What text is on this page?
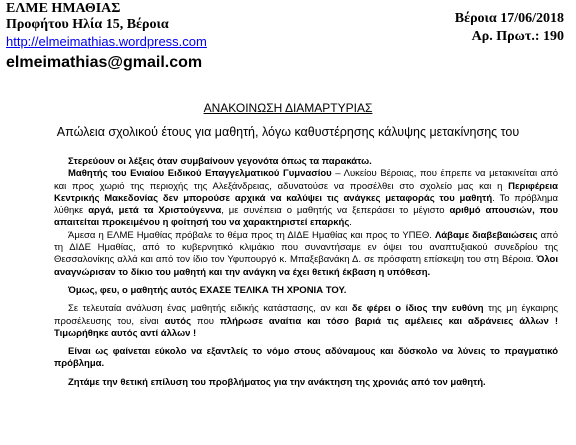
ΕΛΜΕ ΗΜΑΘΙΑΣ
Προφήτου Ηλία 15, Βέροια
http://elmeimathias.wordpress.com
elmeimathias@gmail.com
Βέροια 17/06/2018
Αρ. Πρωτ.: 190
ΑΝΑΚΟΙΝΩΣΗ ΔΙΑΜΑΡΤΥΡΙΑΣ
Απώλεια σχολικού έτους για μαθητή, λόγω καθυστέρησης κάλυψης μετακίνησης του

Στερεύουν οι λέξεις όταν συμβαίνουν γεγονότα όπως τα παρακάτω.

Μαθητής του Ενιαίου Ειδικού Επαγγελματικού Γυμνασίου – Λυκείου Βέροιας, που έπρεπε να μετακινείται από και προς χωριό της περιοχής της Αλεξάνδρειας, αδυνατούσε να προσέλθει στο σχολείο μας και η Περιφέρεια Κεντρικής Μακεδονίας δεν μπορούσε αρχικά να καλύψει τις ανάγκες μεταφοράς του μαθητή. Το πρόβλημα λύθηκε αργά, μετά τα Χριστούγεννα, με συνέπεια ο μαθητής να ξεπεράσει το μέγιστο αριθμό απουσιών, που απαιτείται προκειμένου η φοίτησή του να χαρακτηριστεί επαρκής.

Άμεσα η ΕΛΜΕ Ημαθίας πρόβαλε το θέμα προς τη ΔΙΔΕ Ημαθίας και προς το ΥΠΕΘ. Λάβαμε διαβεβαιώσεις από τη ΔΙΔΕ Ημαθίας, από το κυβερνητικό κλιμάκιο που συναντήσαμε εν όψει του αναπτυξιακού συνεδρίου της Θεσσαλονίκης αλλά και από τον ίδιο τον Υφυπουργό κ. Μπαξεβανάκη Δ. σε πρόσφατη επίσκεψη του στη Βέροια. Όλοι αναγνώρισαν το δίκιο του μαθητή και την ανάγκη να έχει θετική έκβαση η υπόθεση.

Όμως, φευ, ο μαθητής αυτός ΕΧΑΣΕ ΤΕΛΙΚΑ ΤΗ ΧΡΟΝΙΑ ΤΟΥ.

Σε τελευταία ανάλυση ένας μαθητής ειδικής κατάστασης, αν και δε φέρει ο ίδιος την ευθύνη της μη έγκαιρης προσέλευσης του, είναι αυτός που πλήρωσε αναίτια και τόσο βαριά τις αμέλειες και αδράνειες άλλων ! Τιμωρήθηκε αυτός αντί άλλων !

Είναι ως φαίνεται εύκολο να εξαντλείς το νόμο στους αδύναμους και δύσκολο να λύνεις το πραγματικό πρόβλημα.

Ζητάμε την θετική επίλυση του προβλήματος για την ανάκτηση της χρονιάς από τον μαθητή.
